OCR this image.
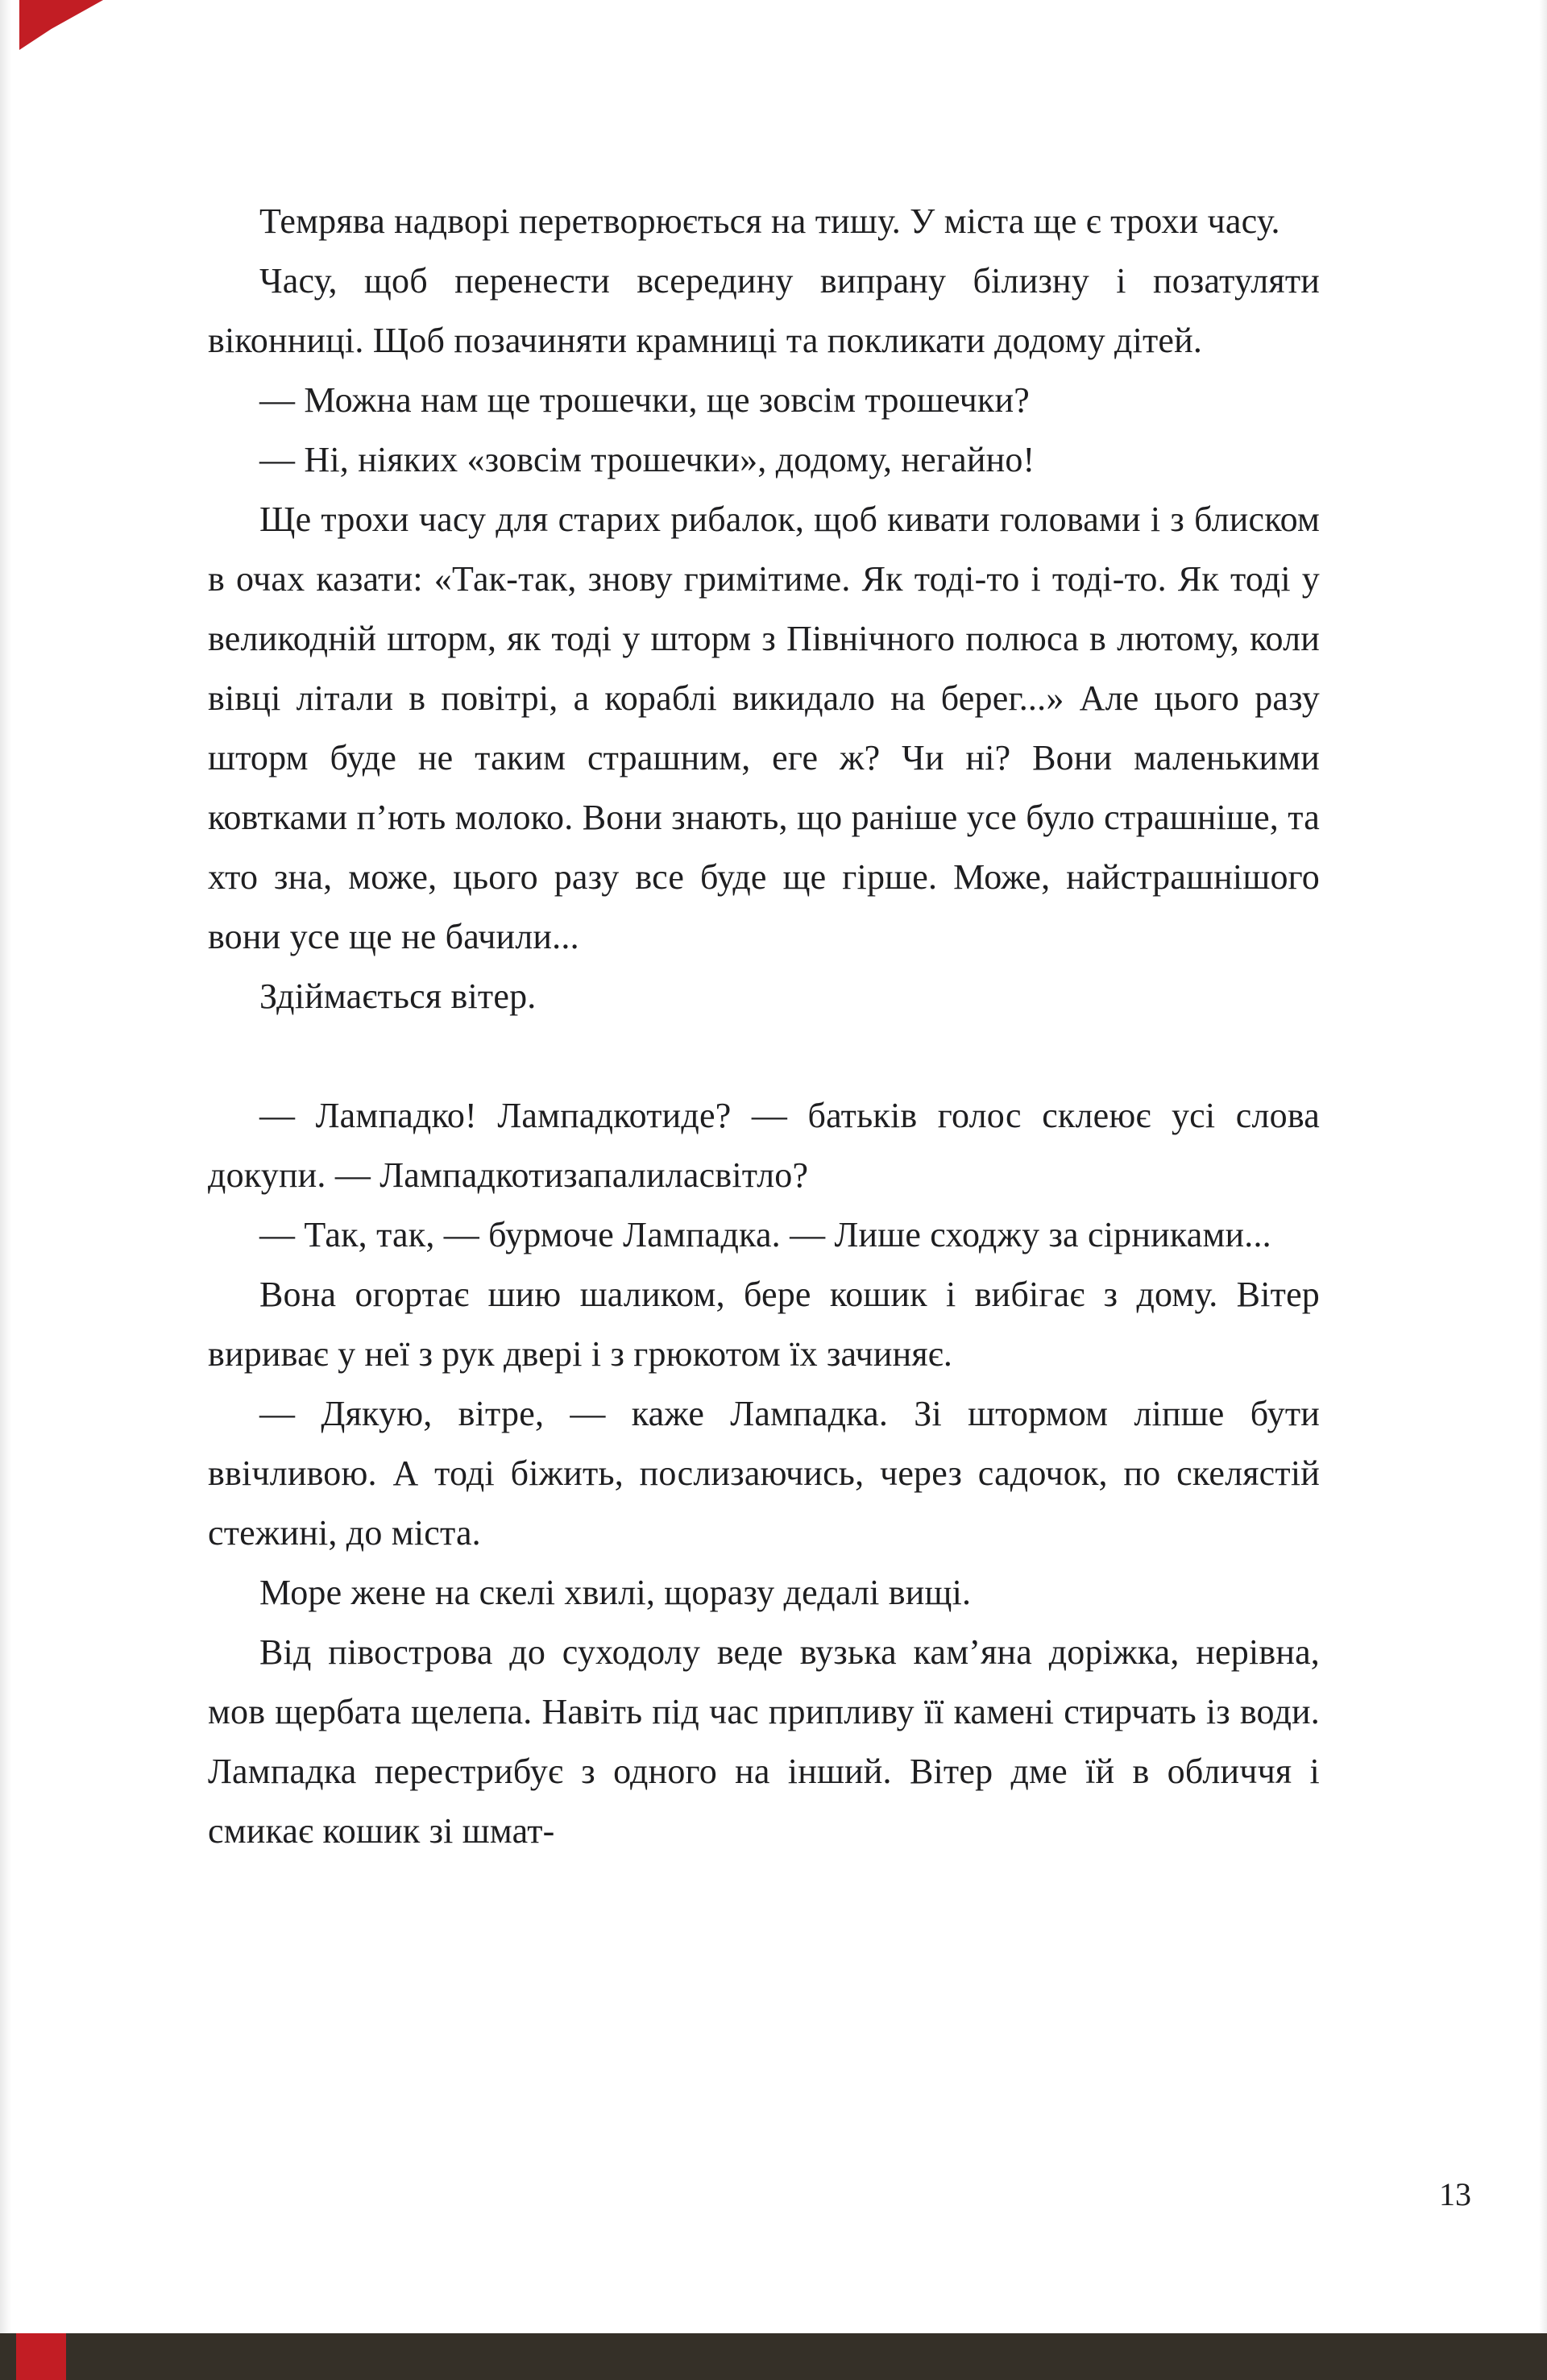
Темрява надворі перетворюється на тишу. У міста ще є трохи часу.

Часу, щоб перенести всередину випрану білизну і позатуляти віконниці. Щоб позачиняти крамниці та покликати додому дітей.

— Можна нам ще трошечки, ще зовсім трошечки?

— Ні, ніяких «зовсім трошечки», додому, негайно!

Ще трохи часу для старих рибалок, щоб кивати головами і з блиском в очах казати: «Так-так, знову гримітиме. Як тоді-то і тоді-то. Як тоді у великодній шторм, як тоді у шторм з Північного полюса в лютому, коли вівці літали в повітрі, а кораблі викидало на берег...» Але цього разу шторм буде не таким страшним, еге ж? Чи ні? Вони маленькими ковтками п’ють молоко. Вони знають, що раніше усе було страшніше, та хто зна, може, цього разу все буде ще гірше. Може, найстрашнішого вони усе ще не бачили...

Здіймається вітер.

— Лампадко! Лампадкотиде? — батьків голос склеює усі слова докупи. — Лампадкотизапалиласвітло?

— Так, так, — бурмоче Лампадка. — Лише сходжу за сірниками...

Вона огортає шию шаликом, бере кошик і вибігає з дому. Вітер вириває у неї з рук двері і з грюкотом їх зачиняє.

— Дякую, вітре, — каже Лампадка. Зі штормом ліпше бути ввічливою. А тоді біжить, послизаючись, через садочок, по скелястій стежині, до міста.

Море жене на скелі хвилі, щоразу дедалі вищі.

Від півострова до суходолу веде вузька кам’яна доріжка, нерівна, мов щербата щелепа. Навіть під час припливу її камені стирчать із води. Лампадка перестрибує з одного на інший. Вітер дме їй в обличчя і смикає кошик зі шмат-

13
